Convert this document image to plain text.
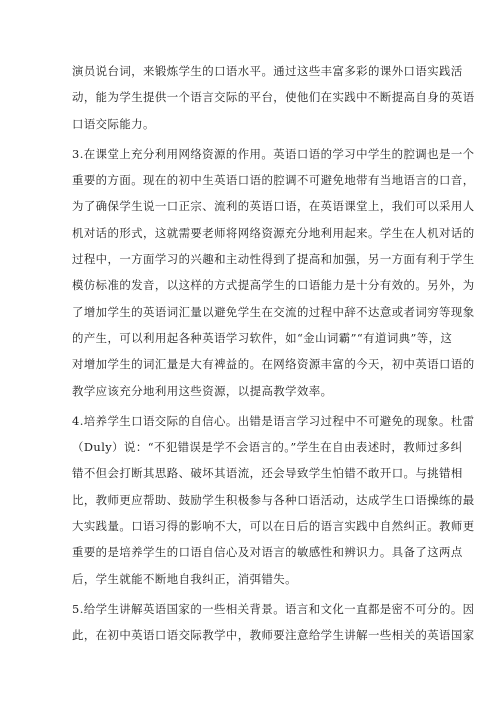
演员说台词，来锻炼学生的口语水平。通过这些丰富多彩的课外口语实践活
动，能为学生提供一个语言交际的平台，使他们在实践中不断提高自身的英语
口语交际能力。
3.在课堂上充分利用网络资源的作用。英语口语的学习中学生的腔调也是一个
重要的方面。现在的初中生英语口语的腔调不可避免地带有当地语言的口音，
为了确保学生说一口正宗、流利的英语口语，在英语课堂上，我们可以采用人
机对话的形式，这就需要老师将网络资源充分地利用起来。学生在人机对话的
过程中，一方面学习的兴趣和主动性得到了提高和加强，另一方面有利于学生
模仿标准的发音，以这样的方式提高学生的口语能力是十分有效的。另外，为
了增加学生的英语词汇量以避免学生在交流的过程中辞不达意或者词穷等现象
的产生，可以利用起各种英语学习软件，如“金山词霸”“有道词典”等，这
对增加学生的词汇量是大有裨益的。在网络资源丰富的今天，初中英语口语的
教学应该充分地利用这些资源，以提高教学效率。
4.培养学生口语交际的自信心。出错是语言学习过程中不可避免的现象。杜雷
（Duly）说：“不犯错误是学不会语言的。”学生在自由表述时，教师过多纠
错不但会打断其思路、破坏其语流，还会导致学生怕错不敢开口。与挑错相
比，教师更应帮助、鼓励学生积极参与各种口语活动，达成学生口语操练的最
大实践量。口语习得的影响不大，可以在日后的语言实践中自然纠正。教师更
重要的是培养学生的口语自信心及对语言的敏感性和辨识力。具备了这两点
后，学生就能不断地自我纠正，消弭错失。
5.给学生讲解英语国家的一些相关背景。语言和文化一直都是密不可分的。因
此，在初中英语口语交际教学中，教师要注意给学生讲解一些相关的英语国家
